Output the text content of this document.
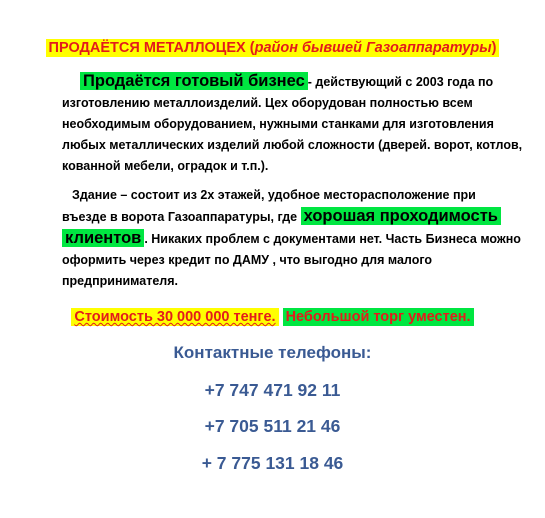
ПРОДАЁТСЯ МЕТАЛЛОЦЕХ (район бывшей Газоаппаратуры)
Продаётся готовый бизнес - действующий с 2003 года по
изготовлению металлоизделий. Цех оборудован полностью всем
необходимым оборудованием, нужными станками для изготовления
любых металлических изделий любой сложности (дверей. ворот, котлов,
кованной мебели, оградок и т.п.).
Здание – состоит из 2х этажей, удобное месторасположение при
въезде в ворота Газоаппаратуры, где хорошая проходимость
клиентов . Никаких проблем с документами нет. Часть Бизнеса можно
оформить через кредит по ДАМУ , что выгодно для малого
предпринимателя.
Стоимость 30 000 000 тенге. Небольшой торг уместен.
Контактные телефоны:
+7 747 471 92 11
+7 705 511 21 46
+ 7 775 131 18 46
